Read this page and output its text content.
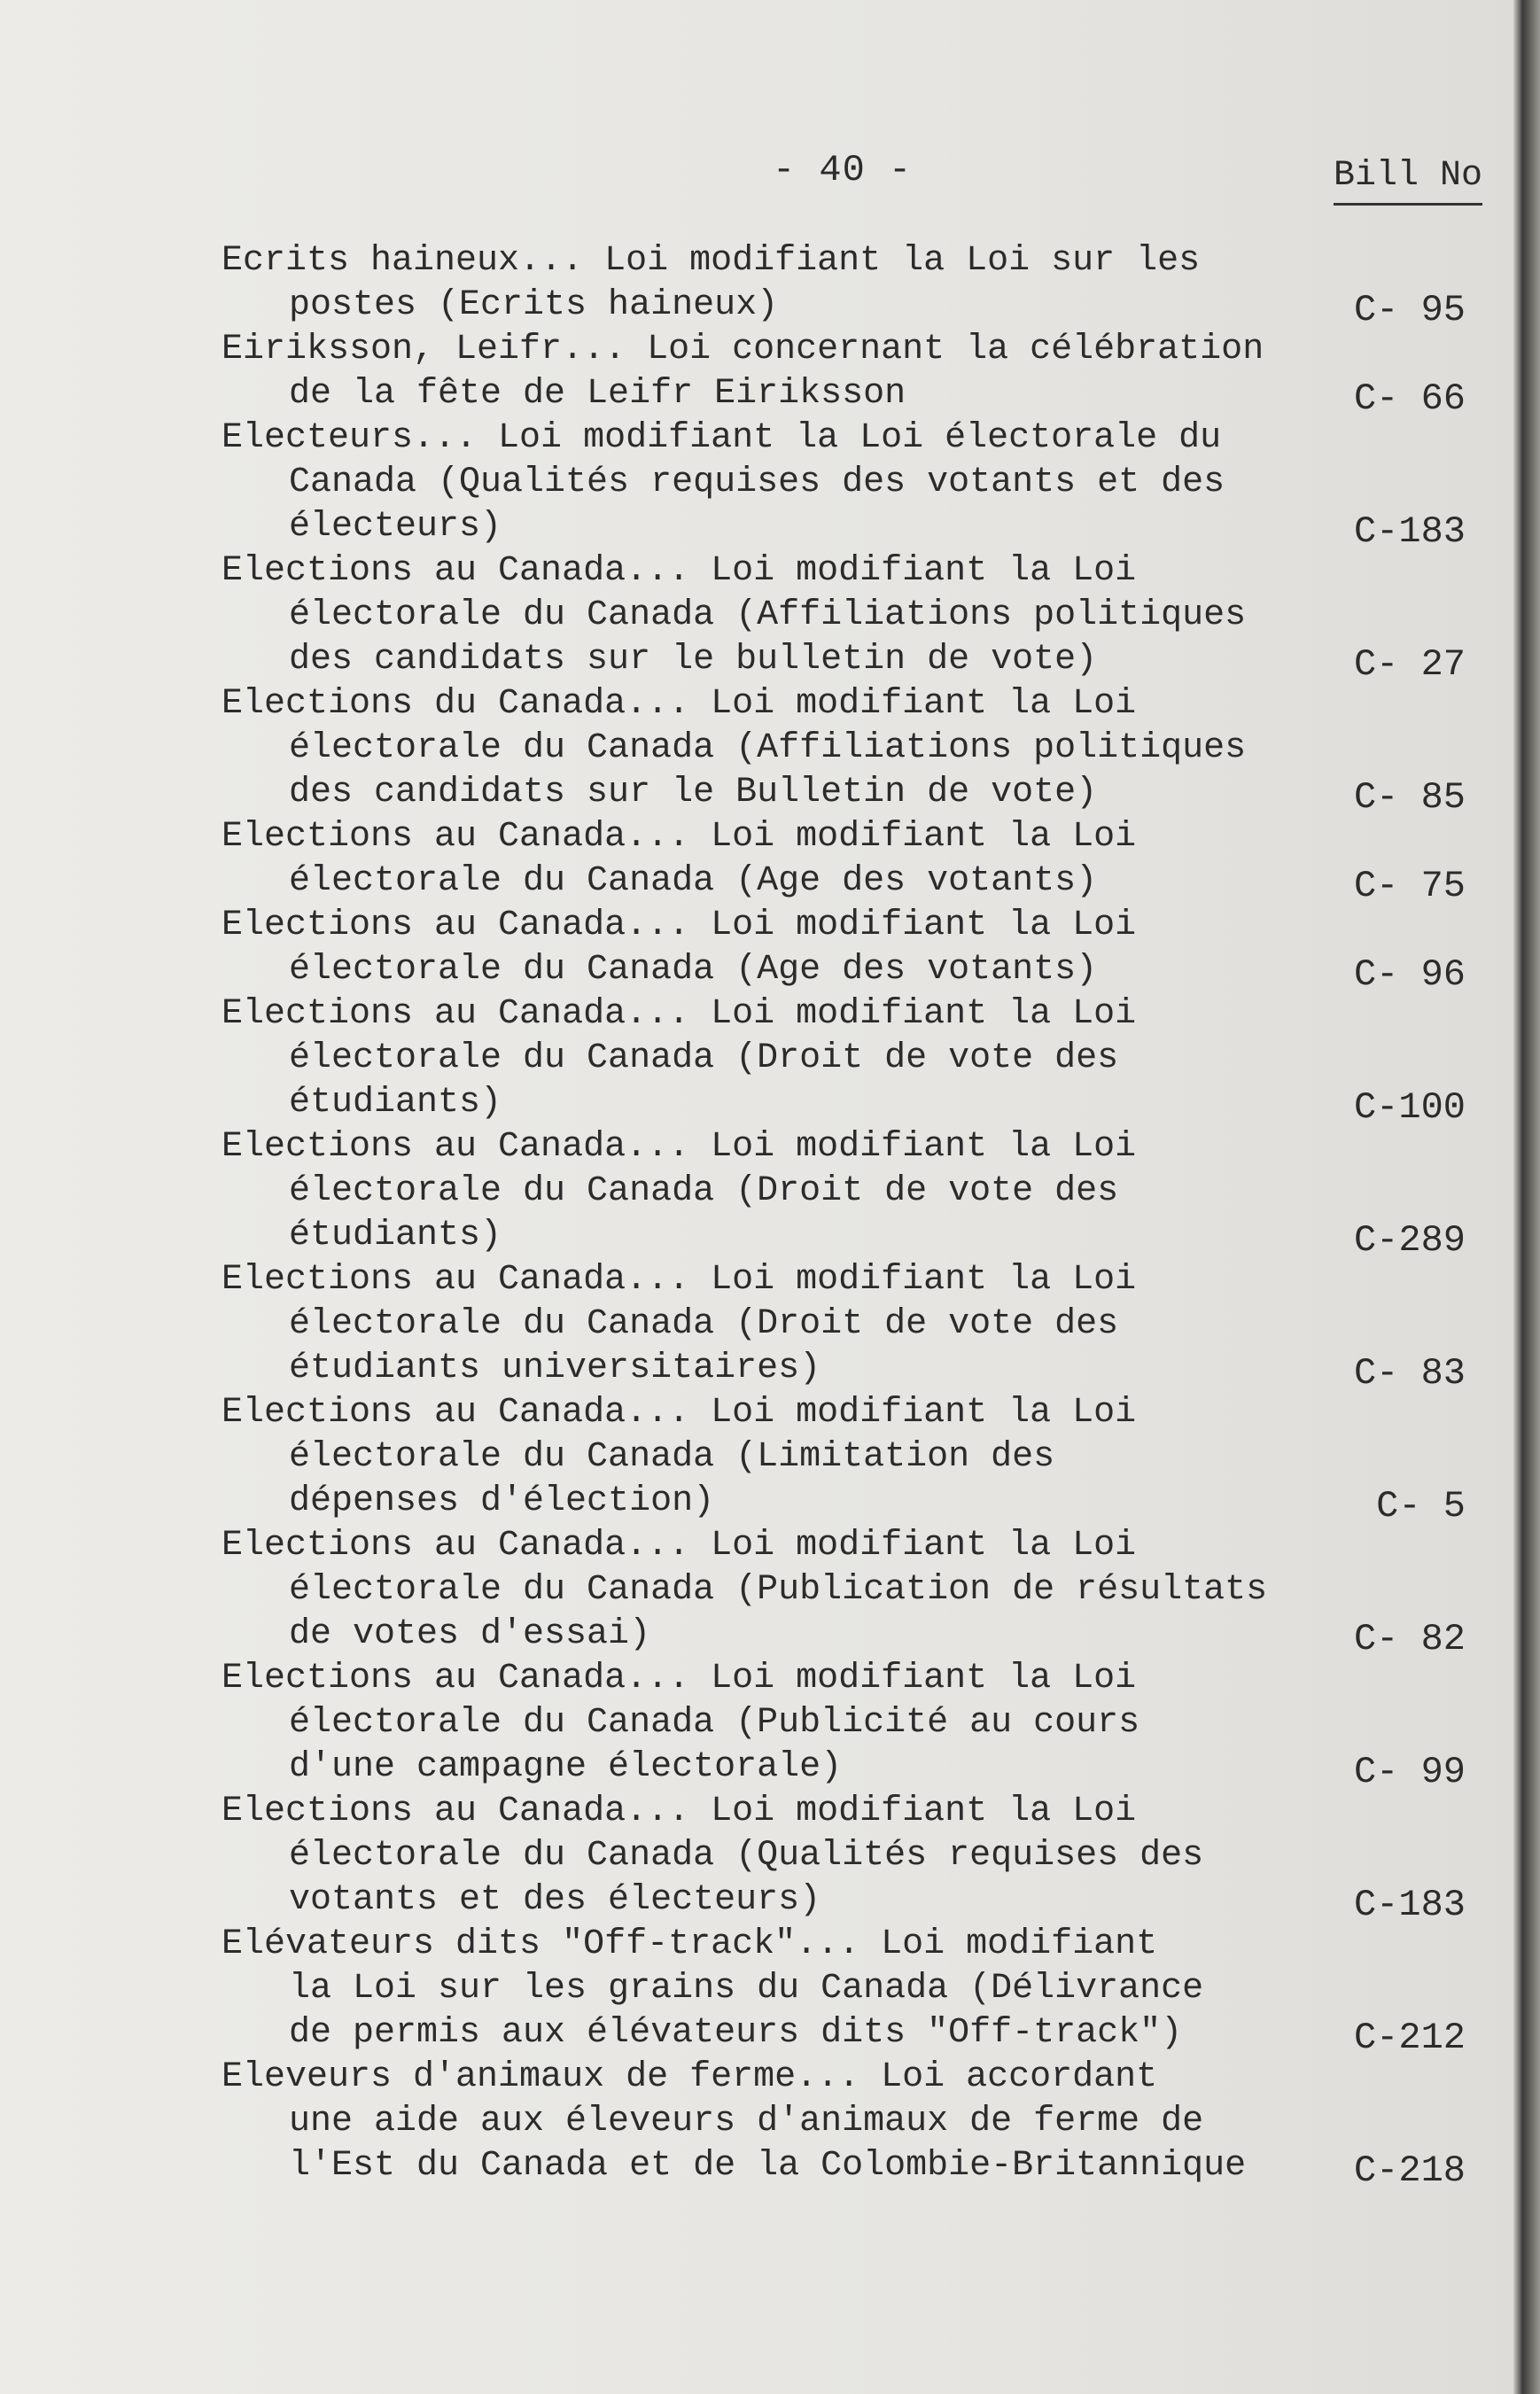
- 40 -	Bill No
Ecrits haineux... Loi modifiant la Loi sur les
postes (Ecrits haineux)	C- 95
Eiriksson, Leifr... Loi concernant la célébration
de la fête de Leifr Eiriksson	C- 66
Electeurs... Loi modifiant la Loi électorale du
Canada (Qualités requises des votants et des
électeurs)	C-183
Elections au Canada... Loi modifiant la Loi
électorale du Canada (Affiliations politiques
des candidats sur le bulletin de vote)	C- 27
Elections du Canada... Loi modifiant la Loi
électorale du Canada (Affiliations politiques
des candidats sur le Bulletin de vote)	C- 85
Elections au Canada... Loi modifiant la Loi
électorale du Canada (Age des votants)	C- 75
Elections au Canada... Loi modifiant la Loi
électorale du Canada (Age des votants)	C- 96
Elections au Canada... Loi modifiant la Loi
électorale du Canada (Droit de vote des
étudiants)	C-100
Elections au Canada... Loi modifiant la Loi
électorale du Canada (Droit de vote des
étudiants)	C-289
Elections au Canada... Loi modifiant la Loi
électorale du Canada (Droit de vote des
étudiants universitaires)	C- 83
Elections au Canada... Loi modifiant la Loi
électorale du Canada (Limitation des
dépenses d'élection)	C- 5
Elections au Canada... Loi modifiant la Loi
électorale du Canada (Publication de résultats
de votes d'essai)	C- 82
Elections au Canada... Loi modifiant la Loi
électorale du Canada (Publicité au cours
d'une campagne électorale)	C- 99
Elections au Canada... Loi modifiant la Loi
électorale du Canada (Qualités requises des
votants et des électeurs)	C-183
Elévateurs dits "Off-track"... Loi modifiant
la Loi sur les grains du Canada (Délivrance
de permis aux élévateurs dits "Off-track")	C-212
Eleveurs d'animaux de ferme... Loi accordant
une aide aux éleveurs d'animaux de ferme de
l'Est du Canada et de la Colombie-Britannique	C-218
